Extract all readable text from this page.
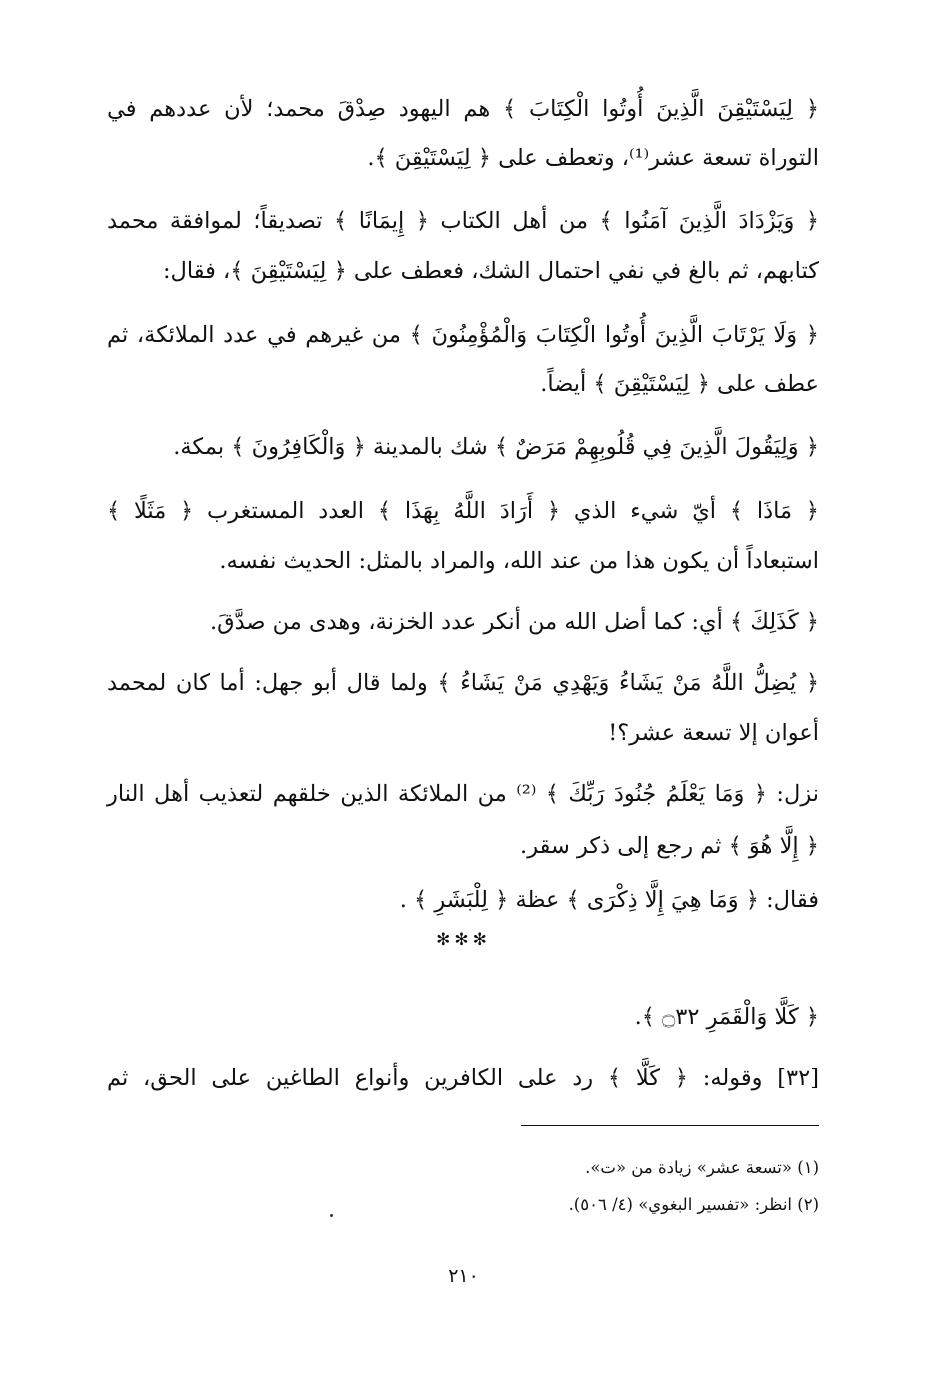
﴿ لِيَسْتَيْقِنَ الَّذِينَ أُوتُوا الْكِتَابَ ﴾ هم اليهود صِدْقَ محمد؛ لأن عددهم في
التوراة تسعة عشر⁽¹⁾، وتعطف على ﴿ لِيَسْتَيْقِنَ ﴾.
﴿ وَيَزْدَادَ الَّذِينَ آمَنُوا ﴾ من أهل الكتاب ﴿ إِيمَانًا ﴾ تصديقاً؛ لموافقة محمد
كتابهم، ثم بالغ في نفي احتمال الشك، فعطف على ﴿ لِيَسْتَيْقِنَ ﴾، فقال:
﴿ وَلَا يَرْتَابَ الَّذِينَ أُوتُوا الْكِتَابَ وَالْمُؤْمِنُونَ ﴾ من غيرهم في عدد الملائكة، ثم
عطف على ﴿ لِيَسْتَيْقِنَ ﴾ أيضاً.
﴿ وَلِيَقُولَ الَّذِينَ فِي قُلُوبِهِمْ مَرَضٌ ﴾ شك بالمدينة ﴿ وَالْكَافِرُونَ ﴾ بمكة.
﴿ مَاذَا ﴾ أيّ شيء الذي ﴿ أَرَادَ اللَّهُ بِهَذَا ﴾ العدد المستغرب ﴿ مَثَلًا ﴾
استبعاداً أن يكون هذا من عند الله، والمراد بالمثل: الحديث نفسه.
﴿ كَذَلِكَ ﴾ أي: كما أضل الله من أنكر عدد الخزنة، وهدى من صدَّقَ.
﴿ يُضِلُّ اللَّهُ مَنْ يَشَاءُ وَيَهْدِي مَنْ يَشَاءُ ﴾ ولما قال أبو جهل: أما كان لمحمد
أعوان إلا تسعة عشر؟!
نزل: ﴿ وَمَا يَعْلَمُ جُنُودَ رَبِّكَ ﴾ ⁽²⁾ من الملائكة الذين خلقهم لتعذيب أهل النار
﴿ إِلَّا هُوَ ﴾ ثم رجع إلى ذكر سقر.
فقال: ﴿ وَمَا هِيَ إِلَّا ذِكْرَى ﴾ عظة ﴿ لِلْبَشَرِ ﴾ .
✻✻✻
﴿ كَلَّا وَالْقَمَرِ ۝٣٢ ﴾.
[٣٢] وقوله: ﴿ كَلَّا ﴾ رد على الكافرين وأنواع الطاغين على الحق، ثم
(١) «تسعة عشر» زيادة من «ت».
(٢) انظر: «تفسير البغوي» (٤/ ٥٠٦).
٢١٠
